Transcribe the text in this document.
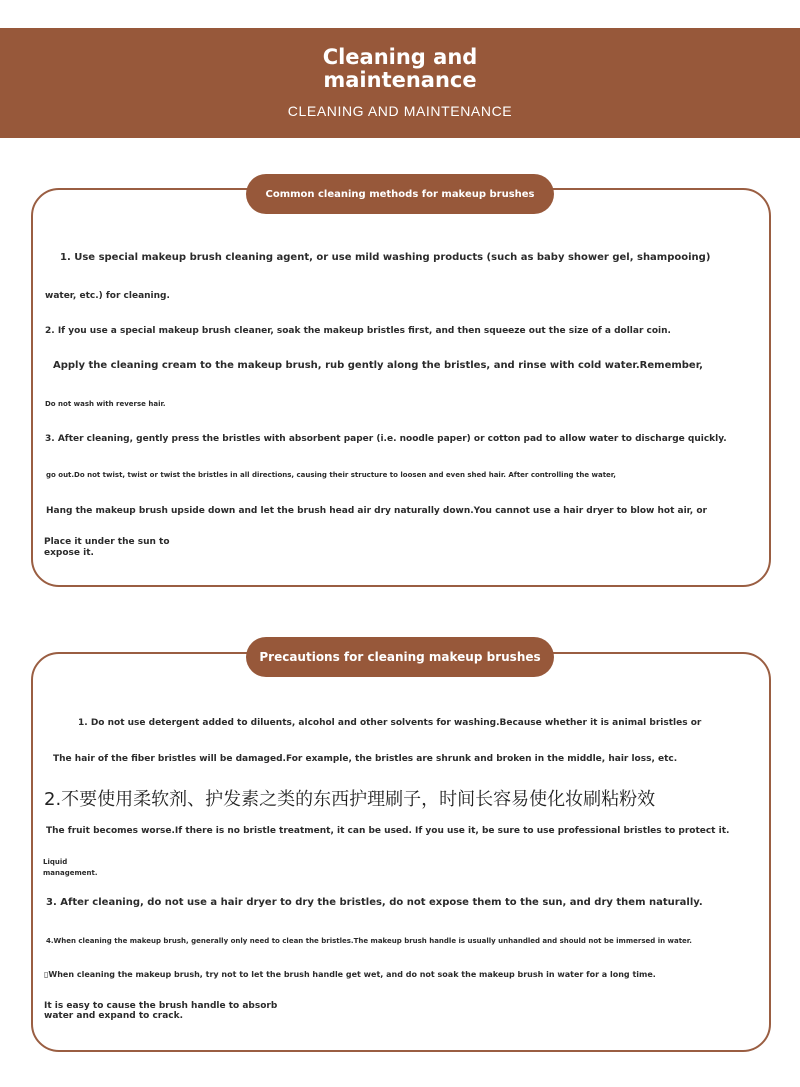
Cleaning and
maintenance
CLEANING AND MAINTENANCE
Common cleaning methods for makeup brushes
1. Use special makeup brush cleaning agent, or use mild washing products (such as baby shower gel, shampooing)
water, etc.) for cleaning.
2. If you use a special makeup brush cleaner, soak the makeup bristles first, and then squeeze out the size of a dollar coin.
Apply the cleaning cream to the makeup brush, rub gently along the bristles, and rinse with cold water.Remember,
Do not wash with reverse hair.
3. After cleaning, gently press the bristles with absorbent paper (i.e. noodle paper) or cotton pad to allow water to discharge quickly.
go out.Do not twist, twist or twist the bristles in all directions, causing their structure to loosen and even shed hair. After controlling the water,
Hang the makeup brush upside down and let the brush head air dry naturally down.You cannot use a hair dryer to blow hot air, or
Place it under the sun to
expose it.
Precautions for cleaning makeup brushes
1. Do not use detergent added to diluents, alcohol and other solvents for washing.Because whether it is animal bristles or
The hair of the fiber bristles will be damaged.For example, the bristles are shrunk and broken in the middle, hair loss, etc.
2.不要使用柔软剂、护发素之类的东西护理刷子，时间长容易使化妆刷粘粉效
The fruit becomes worse.If there is no bristle treatment, it can be used. If you use it, be sure to use professional bristles to protect it.
Liquid
management.
3. After cleaning, do not use a hair dryer to dry the bristles, do not expose them to the sun, and dry them naturally.
4.When cleaning the makeup brush, generally only need to clean the bristles.The makeup brush handle is usually unhandled and should not be immersed in water.
▯When cleaning the makeup brush, try not to let the brush handle get wet, and do not soak the makeup brush in water for a long time.
It is easy to cause the brush handle to absorb
water and expand to crack.
